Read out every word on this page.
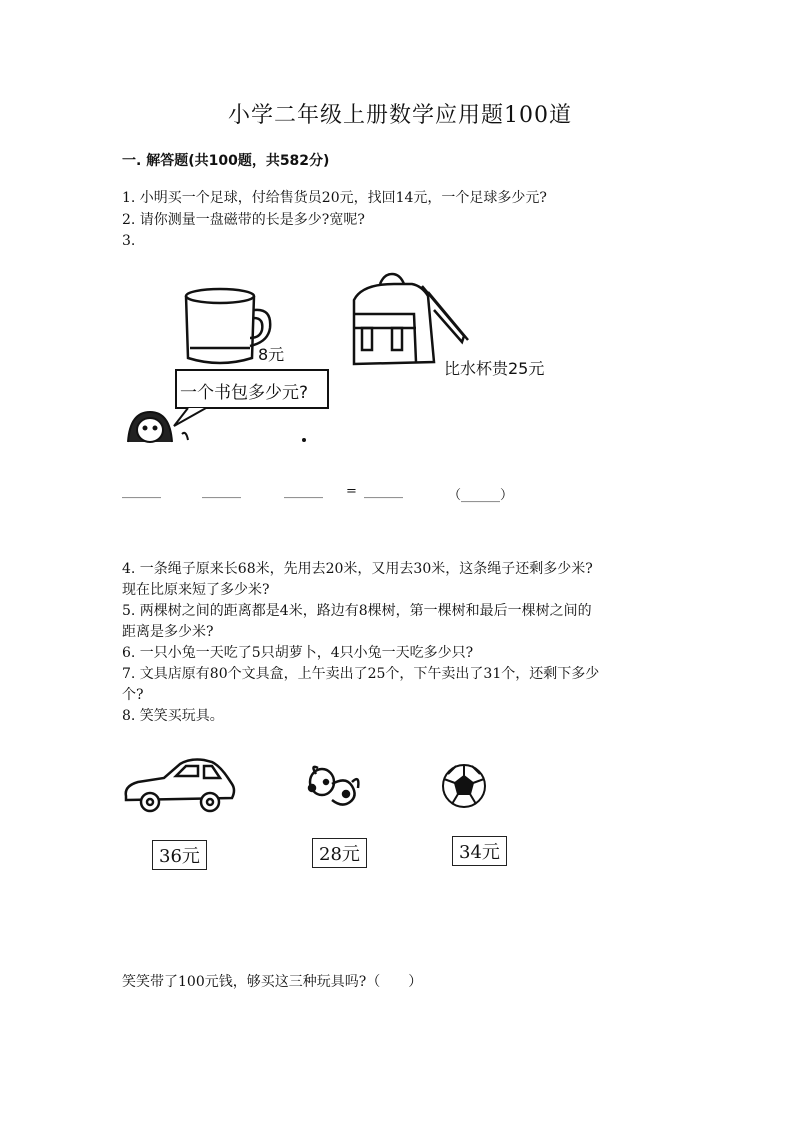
小学二年级上册数学应用题100道
一. 解答题(共100题，共582分)
1. 小明买一个足球，付给售货员20元，找回14元，一个足球多少元?
2. 请你测量一盘磁带的长是多少?宽呢?
3.
8元
比水杯贵25元
一个书包多少元?
______	______	______ = ______	（______）
4. 一条绳子原来长68米，先用去20米，又用去30米，这条绳子还剩多少米?
现在比原来短了多少米?
5. 两棵树之间的距离都是4米，路边有8棵树，第一棵树和最后一棵树之间的
距离是多少米?
6. 一只小兔一天吃了5只胡萝卜，4只小兔一天吃多少只?
7. 文具店原有80个文具盒，上午卖出了25个，下午卖出了31个，还剩下多少
个?
8. 笑笑买玩具。
36元	28元	34元
笑笑带了100元钱，够买这三种玩具吗?（　　）
